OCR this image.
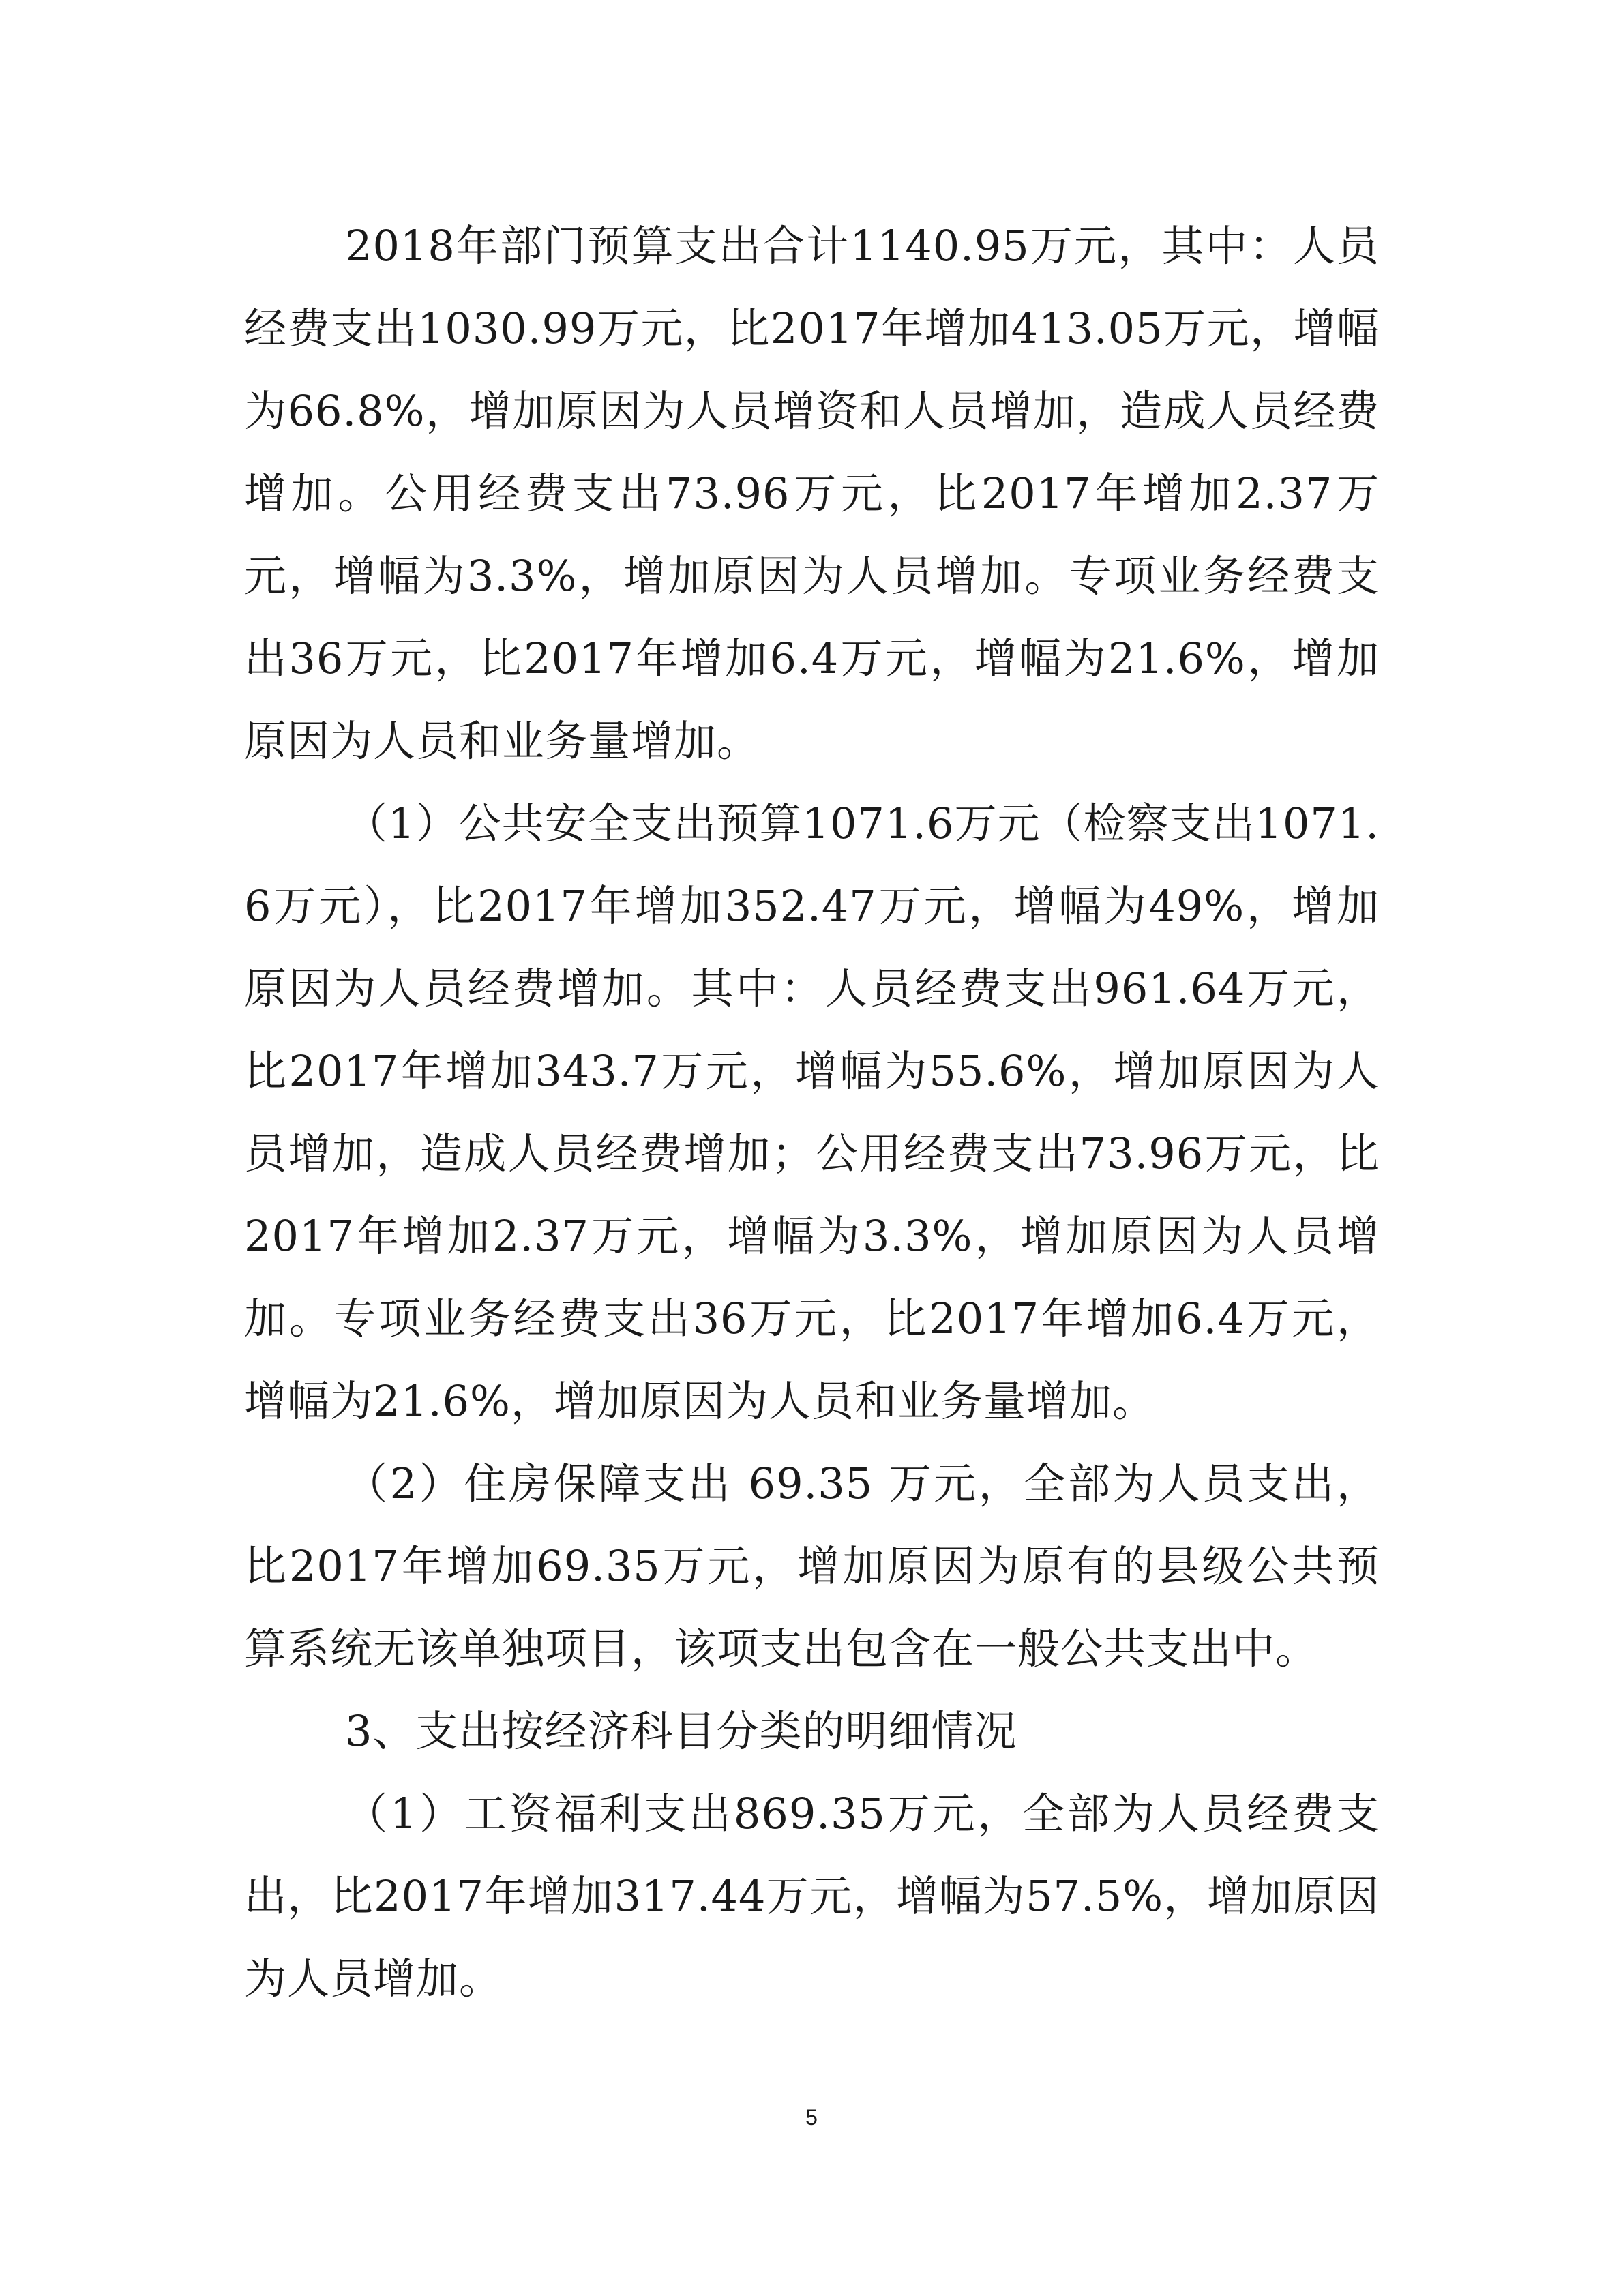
2018年部门预算支出合计1140.95万元，其中：人员经费支出1030.99万元，比2017年增加413.05万元，增幅为66.8%，增加原因为人员增资和人员增加，造成人员经费增加。公用经费支出73.96万元，比2017年增加2.37万元，增幅为3.3%，增加原因为人员增加。专项业务经费支出36万元，比2017年增加6.4万元，增幅为21.6%，增加原因为人员和业务量增加。

（1）公共安全支出预算1071.6万元（检察支出1071.6万元），比2017年增加352.47万元，增幅为49%，增加原因为人员经费增加。其中：人员经费支出961.64万元，比2017年增加343.7万元，增幅为55.6%，增加原因为人员增加，造成人员经费增加；公用经费支出73.96万元，比2017年增加2.37万元，增幅为3.3%，增加原因为人员增加。专项业务经费支出36万元，比2017年增加6.4万元，增幅为21.6%，增加原因为人员和业务量增加。

（2）住房保障支出 69.35 万元，全部为人员支出，比2017年增加69.35万元，增加原因为原有的县级公共预算系统无该单独项目，该项支出包含在一般公共支出中。

3、支出按经济科目分类的明细情况

（1）工资福利支出869.35万元，全部为人员经费支出，比2017年增加317.44万元，增幅为57.5%，增加原因为人员增加。

5
